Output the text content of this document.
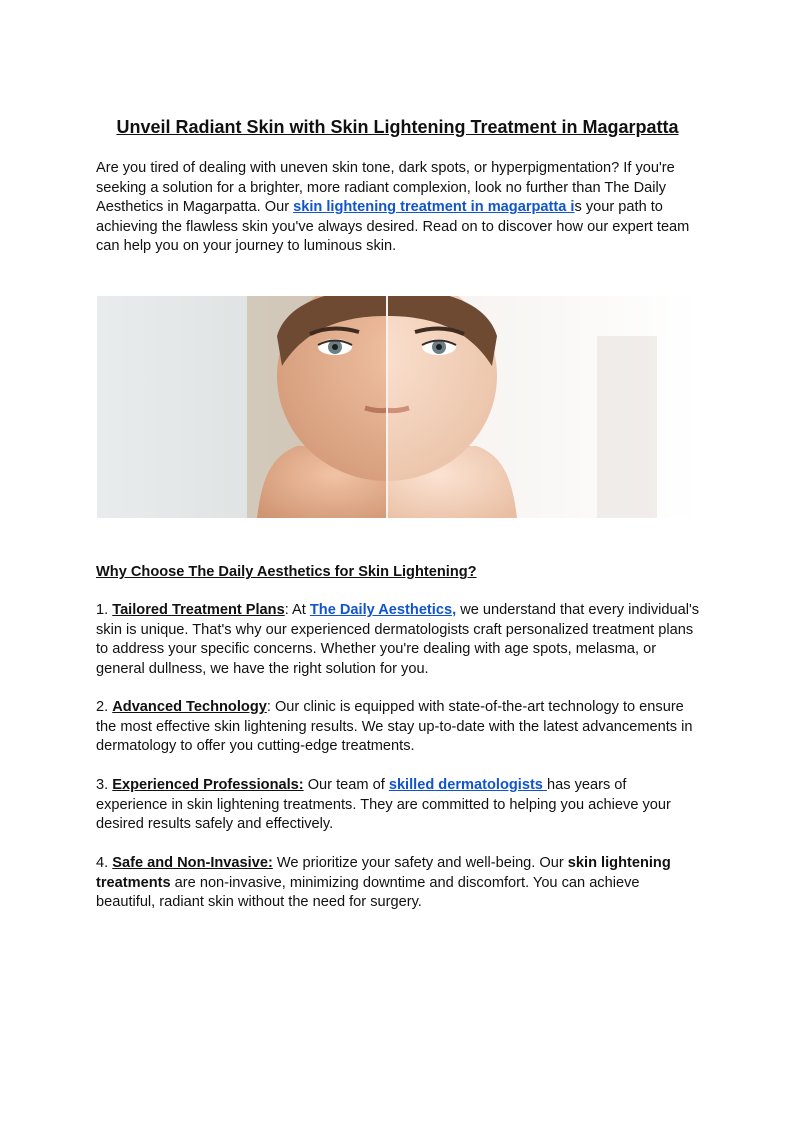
Unveil Radiant Skin with Skin Lightening Treatment in Magarpatta

Are you tired of dealing with uneven skin tone, dark spots, or hyperpigmentation? If you're seeking a solution for a brighter, more radiant complexion, look no further than The Daily Aesthetics in Magarpatta. Our skin lightening treatment in magarpatta is your path to achieving the flawless skin you've always desired. Read on to discover how our expert team can help you on your journey to luminous skin.

Why Choose The Daily Aesthetics for Skin Lightening?

1. Tailored Treatment Plans: At The Daily Aesthetics, we understand that every individual's skin is unique. That's why our experienced dermatologists craft personalized treatment plans to address your specific concerns. Whether you're dealing with age spots, melasma, or general dullness, we have the right solution for you.

2. Advanced Technology: Our clinic is equipped with state-of-the-art technology to ensure the most effective skin lightening results. We stay up-to-date with the latest advancements in dermatology to offer you cutting-edge treatments.

3. Experienced Professionals: Our team of skilled dermatologists has years of experience in skin lightening treatments. They are committed to helping you achieve your desired results safely and effectively.

4. Safe and Non-Invasive: We prioritize your safety and well-being. Our skin lightening treatments are non-invasive, minimizing downtime and discomfort. You can achieve beautiful, radiant skin without the need for surgery.
